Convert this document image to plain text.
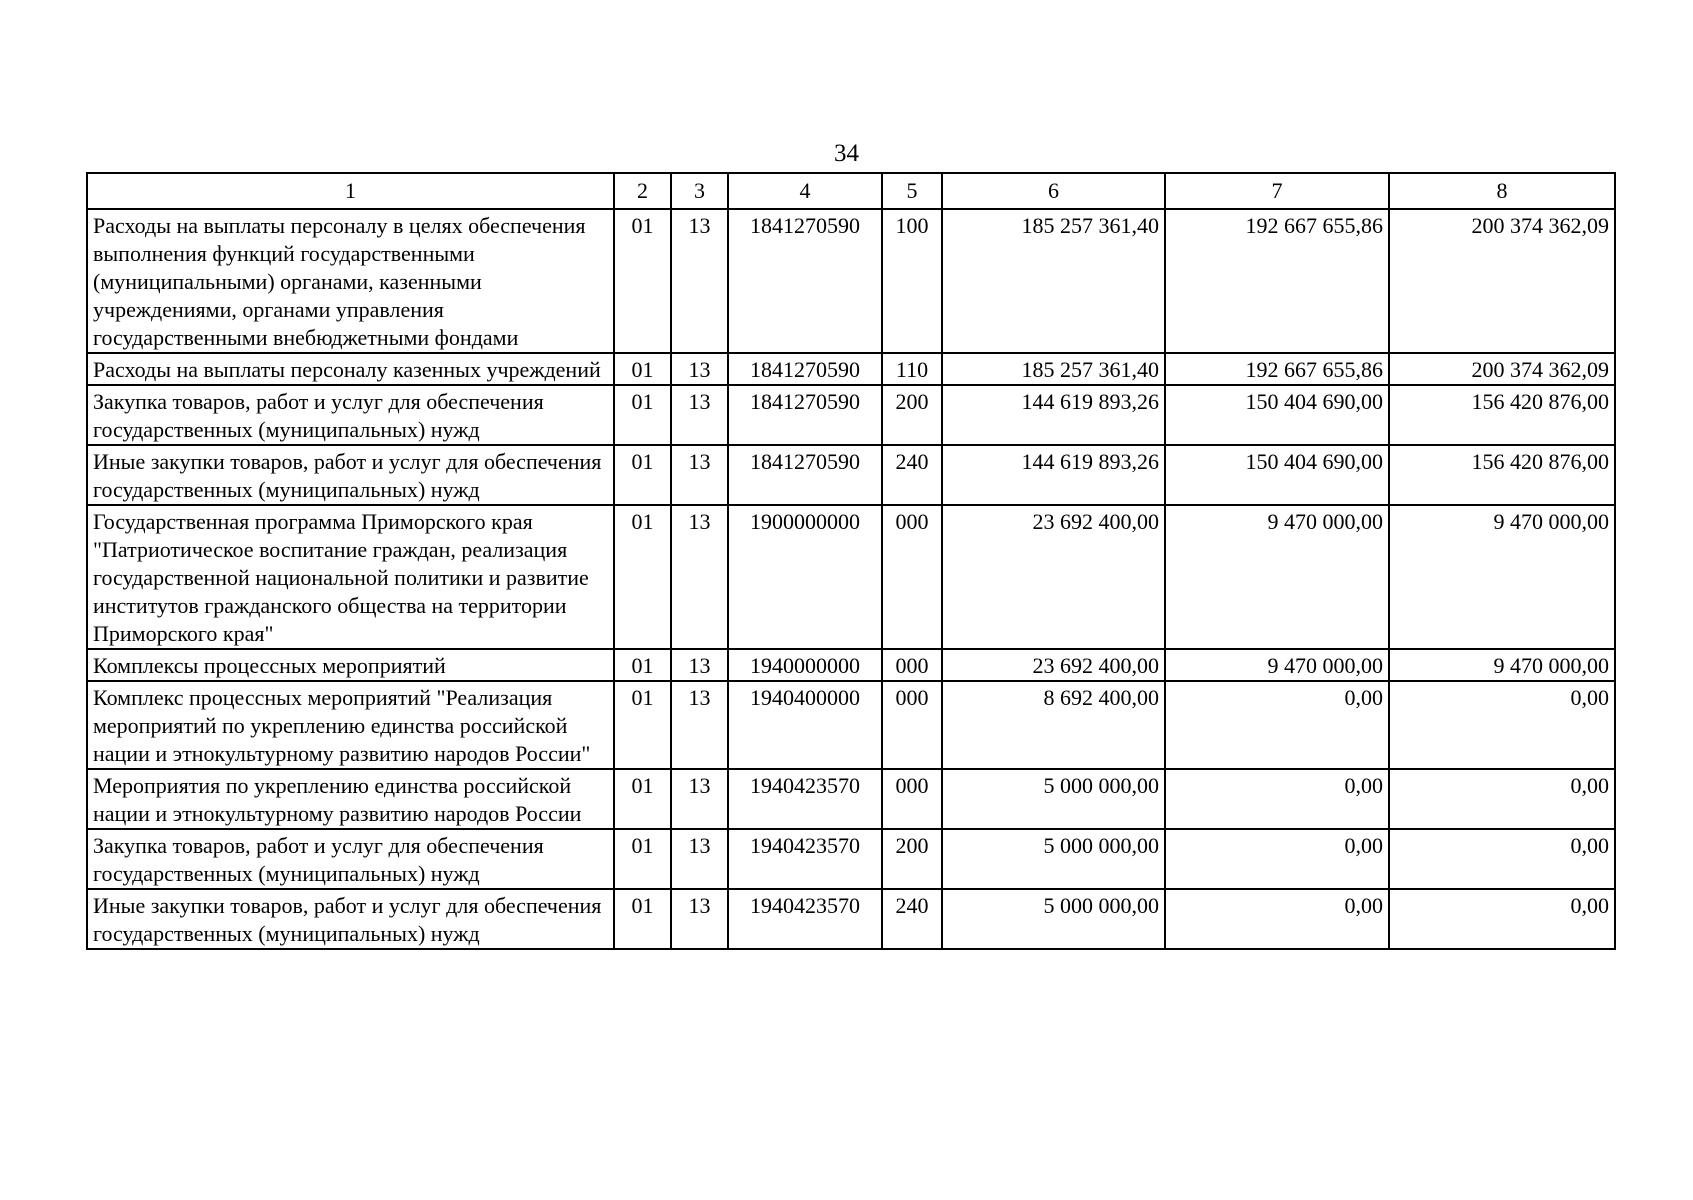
34
1	2	3	4	5	6	7	8
Расходы на выплаты персоналу в целях обеспечения выполнения функций государственными (муниципальными) органами, казенными учреждениями, органами управления государственными внебюджетными фондами	01	13	1841270590	100	185 257 361,40	192 667 655,86	200 374 362,09
Расходы на выплаты персоналу казенных учреждений	01	13	1841270590	110	185 257 361,40	192 667 655,86	200 374 362,09
Закупка товаров, работ и услуг для обеспечения государственных (муниципальных) нужд	01	13	1841270590	200	144 619 893,26	150 404 690,00	156 420 876,00
Иные закупки товаров, работ и услуг для обеспечения государственных (муниципальных) нужд	01	13	1841270590	240	144 619 893,26	150 404 690,00	156 420 876,00
Государственная программа Приморского края "Патриотическое воспитание граждан, реализация государственной национальной политики и развитие институтов гражданского общества на территории Приморского края"	01	13	1900000000	000	23 692 400,00	9 470 000,00	9 470 000,00
Комплексы процессных мероприятий	01	13	1940000000	000	23 692 400,00	9 470 000,00	9 470 000,00
Комплекс процессных мероприятий "Реализация мероприятий по укреплению единства российской нации и этнокультурному развитию народов России"	01	13	1940400000	000	8 692 400,00	0,00	0,00
Мероприятия по укреплению единства российской нации и этнокультурному развитию народов России	01	13	1940423570	000	5 000 000,00	0,00	0,00
Закупка товаров, работ и услуг для обеспечения государственных (муниципальных) нужд	01	13	1940423570	200	5 000 000,00	0,00	0,00
Иные закупки товаров, работ и услуг для обеспечения государственных (муниципальных) нужд	01	13	1940423570	240	5 000 000,00	0,00	0,00
